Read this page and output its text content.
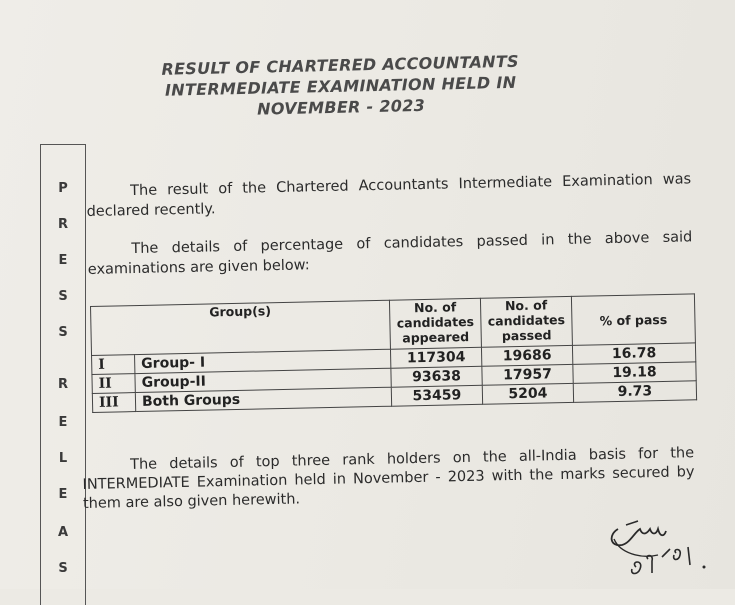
RESULT OF CHARTERED ACCOUNTANTS
INTERMEDIATE EXAMINATION HELD IN
NOVEMBER - 2023
P
R
E
S
S
R
E
L
E
A
S

The result of the Chartered Accountants Intermediate Examination was declared recently.

The details of percentage of candidates passed in the above said examinations are given below:

Group(s)		No. of candidates appeared	No. of candidates passed	% of pass
I	Group- I	117304	19686	16.78
II	Group-II	93638	17957	19.18
III	Both Groups	53459	5204	9.73

The details of top three rank holders on the all-India basis for the INTERMEDIATE Examination held in November - 2023 with the marks secured by them are also given herewith.
